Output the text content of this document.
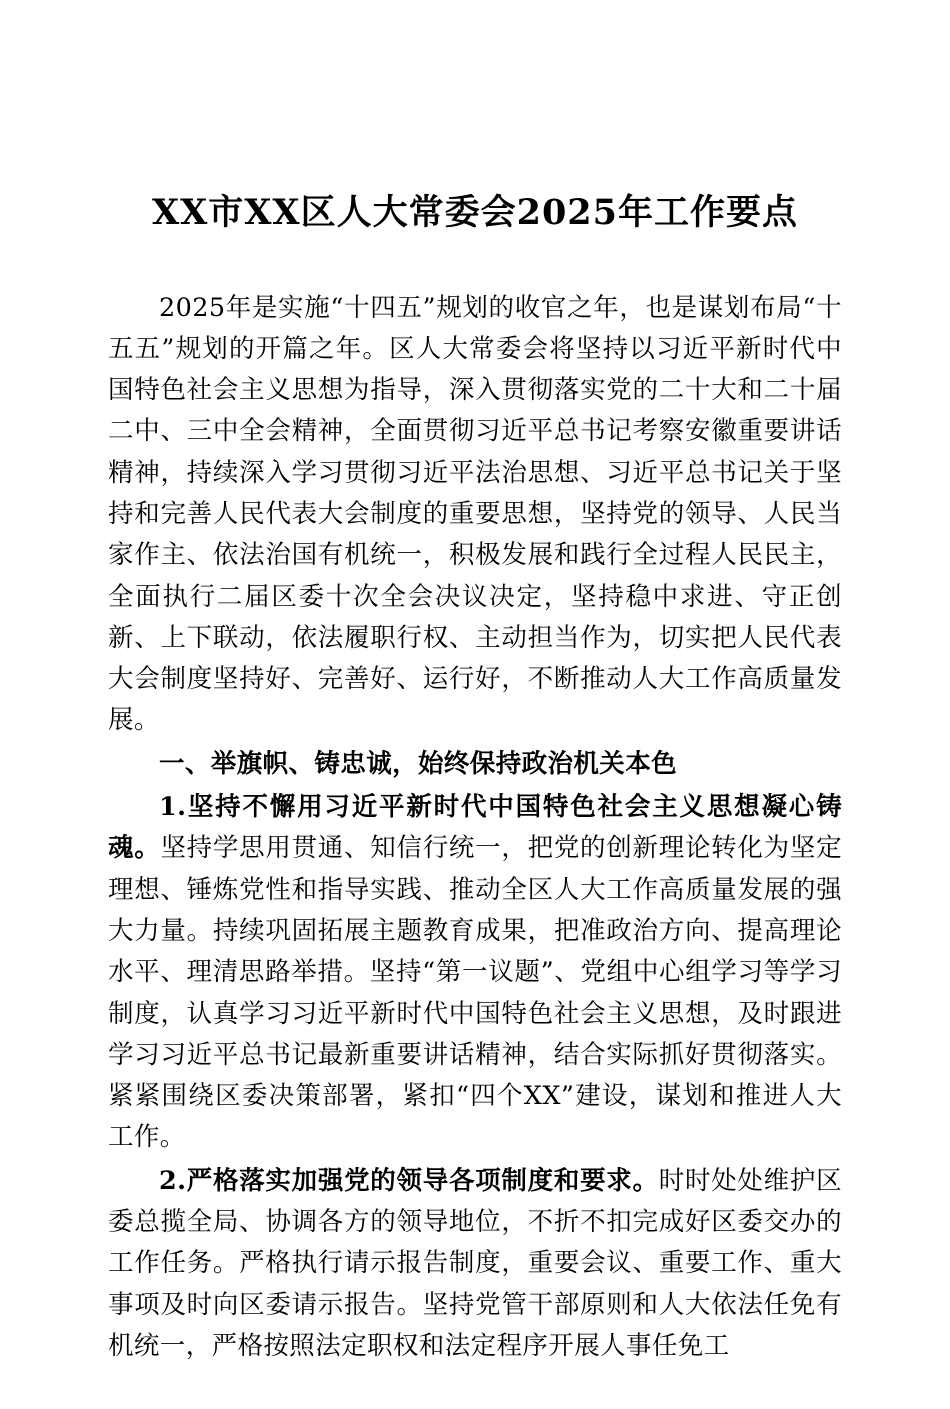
XX市XX区人大常委会2025年工作要点

2025年是实施“十四五”规划的收官之年，也是谋划布局“十五五”规划的开篇之年。区人大常委会将坚持以习近平新时代中国特色社会主义思想为指导，深入贯彻落实党的二十大和二十届二中、三中全会精神，全面贯彻习近平总书记考察安徽重要讲话精神，持续深入学习贯彻习近平法治思想、习近平总书记关于坚持和完善人民代表大会制度的重要思想，坚持党的领导、人民当家作主、依法治国有机统一，积极发展和践行全过程人民民主，全面执行二届区委十次全会决议决定，坚持稳中求进、守正创新、上下联动，依法履职行权、主动担当作为，切实把人民代表大会制度坚持好、完善好、运行好，不断推动人大工作高质量发展。

一、举旗帜、铸忠诚，始终保持政治机关本色

1.坚持不懈用习近平新时代中国特色社会主义思想凝心铸魂。坚持学思用贯通、知信行统一，把党的创新理论转化为坚定理想、锤炼党性和指导实践、推动全区人大工作高质量发展的强大力量。持续巩固拓展主题教育成果，把准政治方向、提高理论水平、理清思路举措。坚持“第一议题”、党组中心组学习等学习制度，认真学习习近平新时代中国特色社会主义思想，及时跟进学习习近平总书记最新重要讲话精神，结合实际抓好贯彻落实。紧紧围绕区委决策部署，紧扣“四个XX”建设，谋划和推进人大工作。

2.严格落实加强党的领导各项制度和要求。时时处处维护区委总揽全局、协调各方的领导地位，不折不扣完成好区委交办的工作任务。严格执行请示报告制度，重要会议、重要工作、重大事项及时向区委请示报告。坚持党管干部原则和人大依法任免有机统一，严格按照法定职权和法定程序开展人事任免工
